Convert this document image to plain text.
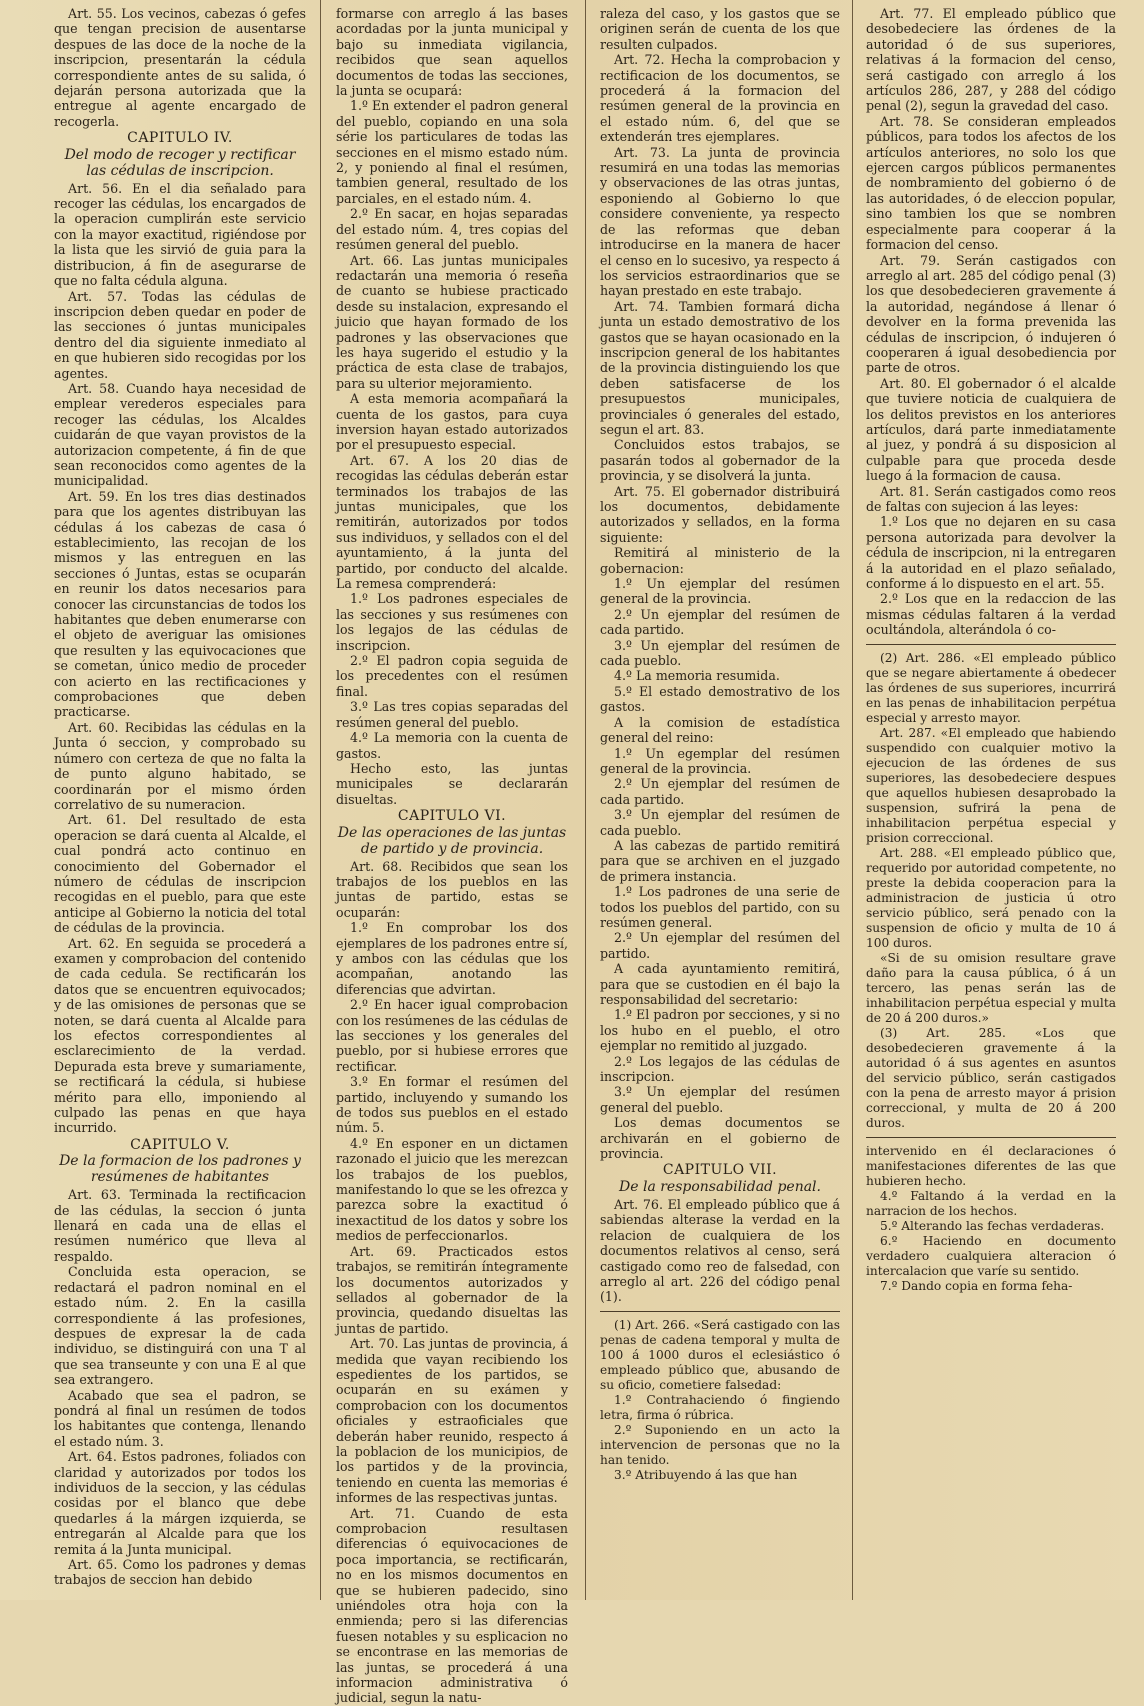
Art. 55. Los vecinos, cabezas ó gefes que tengan precision de ausentarse despues de las doce de la noche de la inscripcion, presentarán la cédula correspondiente antes de su salida, ó dejarán persona autorizada que la entregue al agente encargado de recogerla.

CAPITULO IV.
Del modo de recoger y rectificar las cédulas de inscripcion.

Art. 56. En el dia señalado para recoger las cédulas, los encargados de la operacion cumplirán este servicio con la mayor exactitud, rigiéndose por la lista que les sirvió de guia para la distribucion, á fin de asegurarse de que no falta cédula alguna.

Art. 57. Todas las cédulas de inscripcion deben quedar en poder de las secciones ó juntas municipales dentro del dia siguiente inmediato al en que hubieren sido recogidas por los agentes.

Art. 58. Cuando haya necesidad de emplear verederos especiales para recoger las cédulas, los Alcaldes cuidarán de que vayan provistos de la autorizacion competente, á fin de que sean reconocidos como agentes de la municipalidad.

Art. 59. En los tres dias destinados para que los agentes distribuyan las cédulas á los cabezas de casa ó establecimiento, las recojan de los mismos y las entreguen en las secciones ó Juntas, estas se ocuparán en reunir los datos necesarios para conocer las circunstancias de todos los habitantes que deben enumerarse con el objeto de averiguar las omisiones que resulten y las equivocaciones que se cometan, único medio de proceder con acierto en las rectificaciones y comprobaciones que deben practicarse.

Art. 60. Recibidas las cédulas en la Junta ó seccion, y comprobado su número con certeza de que no falta la de punto alguno habitado, se coordinarán por el mismo órden correlativo de su numeracion.

Art. 61. Del resultado de esta operacion se dará cuenta al Alcalde, el cual pondrá acto continuo en conocimiento del Gobernador el número de cédulas de inscripcion recogidas en el pueblo, para que este anticipe al Gobierno la noticia del total de cédulas de la provincia.

Art. 62. En seguida se procederá a examen y comprobacion del contenido de cada cedula. Se rectificarán los datos que se encuentren equivocados; y de las omisiones de personas que se noten, se dará cuenta al Alcalde para los efectos correspondientes al esclarecimiento de la verdad. Depurada esta breve y sumariamente, se rectificará la cédula, si hubiese mérito para ello, imponiendo al culpado las penas en que haya incurrido.

CAPITULO V.
De la formacion de los padrones y resúmenes de habitantes

Art. 63. Terminada la rectificacion de las cédulas, la seccion ó junta llenará en cada una de ellas el resúmen numérico que lleva al respaldo.

Concluida esta operacion, se redactará el padron nominal en el estado núm. 2. En la casilla correspondiente á las profesiones, despues de expresar la de cada individuo, se distinguirá con una T al que sea transeunte y con una E al que sea extrangero.

Acabado que sea el padron, se pondrá al final un resúmen de todos los habitantes que contenga, llenando el estado núm. 3.

Art. 64. Estos padrones, foliados con claridad y autorizados por todos los individuos de la seccion, y las cédulas cosidas por el blanco que debe quedarles á la márgen izquierda, se entregarán al Alcalde para que los remita á la Junta municipal.

Art. 65. Como los padrones y demas trabajos de seccion han debido

formarse con arreglo á las bases acordadas por la junta municipal y bajo su inmediata vigilancia, recibidos que sean aquellos documentos de todas las secciones, la junta se ocupará:

1.º En extender el padron general del pueblo, copiando en una sola série los particulares de todas las secciones en el mismo estado núm. 2, y poniendo al final el resúmen, tambien general, resultado de los parciales, en el estado núm. 4.

2.º En sacar, en hojas separadas del estado núm. 4, tres copias del resúmen general del pueblo.

Art. 66. Las juntas municipales redactarán una memoria ó reseña de cuanto se hubiese practicado desde su instalacion, expresando el juicio que hayan formado de los padrones y las observaciones que les haya sugerido el estudio y la práctica de esta clase de trabajos, para su ulterior mejoramiento.

A esta memoria acompañará la cuenta de los gastos, para cuya inversion hayan estado autorizados por el presupuesto especial.

Art. 67. A los 20 dias de recogidas las cédulas deberán estar terminados los trabajos de las juntas municipales, que los remitirán, autorizados por todos sus individuos, y sellados con el del ayuntamiento, á la junta del partido, por conducto del alcalde. La remesa comprenderá:

1.º Los padrones especiales de las secciones y sus resúmenes con los legajos de las cédulas de inscripcion.

2.º El padron copia seguida de los precedentes con el resúmen final.

3.º Las tres copias separadas del resúmen general del pueblo.

4.º La memoria con la cuenta de gastos.

Hecho esto, las juntas municipales se declararán disueltas.

CAPITULO VI.
De las operaciones de las juntas de partido y de provincia.

Art. 68. Recibidos que sean los trabajos de los pueblos en las juntas de partido, estas se ocuparán:

1.º En comprobar los dos ejemplares de los padrones entre sí, y ambos con las cédulas que los acompañan, anotando las diferencias que advirtan.

2.º En hacer igual comprobacion con los resúmenes de las cédulas de las secciones y los generales del pueblo, por si hubiese errores que rectificar.

3.º En formar el resúmen del partido, incluyendo y sumando los de todos sus pueblos en el estado núm. 5.

4.º En esponer en un dictamen razonado el juicio que les merezcan los trabajos de los pueblos, manifestando lo que se les ofrezca y parezca sobre la exactitud ó inexactitud de los datos y sobre los medios de perfeccionarlos.

Art. 69. Practicados estos trabajos, se remitirán íntegramente los documentos autorizados y sellados al gobernador de la provincia, quedando disueltas las juntas de partido.

Art. 70. Las juntas de provincia, á medida que vayan recibiendo los espedientes de los partidos, se ocuparán en su exámen y comprobacion con los documentos oficiales y estraoficiales que deberán haber reunido, respecto á la poblacion de los municipios, de los partidos y de la provincia, teniendo en cuenta las memorias é informes de las respectivas juntas.

Art. 71. Cuando de esta comprobacion resultasen diferencias ó equivocaciones de poca importancia, se rectificarán, no en los mismos documentos en que se hubieren padecido, sino uniéndoles otra hoja con la enmienda; pero si las diferencias fuesen notables y su esplicacion no se encontrase en las memorias de las juntas, se procederá á una informacion administrativa ó judicial, segun la natu-

raleza del caso, y los gastos que se originen serán de cuenta de los que resulten culpados.

Art. 72. Hecha la comprobacion y rectificacion de los documentos, se procederá á la formacion del resúmen general de la provincia en el estado núm. 6, del que se extenderán tres ejemplares.

Art. 73. La junta de provincia resumirá en una todas las memorias y observaciones de las otras juntas, esponiendo al Gobierno lo que considere conveniente, ya respecto de las reformas que deban introducirse en la manera de hacer el censo en lo sucesivo, ya respecto á los servicios estraordinarios que se hayan prestado en este trabajo.

Art. 74. Tambien formará dicha junta un estado demostrativo de los gastos que se hayan ocasionado en la inscripcion general de los habitantes de la provincia distinguiendo los que deben satisfacerse de los presupuestos municipales, provinciales ó generales del estado, segun el art. 83.

Concluidos estos trabajos, se pasarán todos al gobernador de la provincia, y se disolverá la junta.

Art. 75. El gobernador distribuirá los documentos, debidamente autorizados y sellados, en la forma siguiente:

Remitirá al ministerio de la gobernacion:

1.º Un ejemplar del resúmen general de la provincia.

2.º Un ejemplar del resúmen de cada partido.

3.º Un ejemplar del resúmen de cada pueblo.

4.º La memoria resumida.

5.º El estado demostrativo de los gastos.

A la comision de estadística general del reino:

1.º Un egemplar del resúmen general de la provincia.

2.º Un ejemplar del resúmen de cada partido.

3.º Un ejemplar del resúmen de cada pueblo.

A las cabezas de partido remitirá para que se archiven en el juzgado de primera instancia.

1.º Los padrones de una serie de todos los pueblos del partido, con su resúmen general.

2.º Un ejemplar del resúmen del partido.

A cada ayuntamiento remitirá, para que se custodien en él bajo la responsabilidad del secretario:

1.º El padron por secciones, y si no los hubo en el pueblo, el otro ejemplar no remitido al juzgado.

2.º Los legajos de las cédulas de inscripcion.

3.º Un ejemplar del resúmen general del pueblo.

Los demas documentos se archivarán en el gobierno de provincia.

CAPITULO VII.
De la responsabilidad penal.

Art. 76. El empleado público que á sabiendas alterase la verdad en la relacion de cualquiera de los documentos relativos al censo, será castigado como reo de falsedad, con arreglo al art. 226 del código penal (1).

(1) Art. 266. «Será castigado con las penas de cadena temporal y multa de 100 á 1000 duros el eclesiástico ó empleado público que, abusando de su oficio, cometiere falsedad:

1.º Contrahaciendo ó fingiendo letra, firma ó rúbrica.

2.º Suponiendo en un acto la intervencion de personas que no la han tenido.

3.º Atribuyendo á las que han

Art. 77. El empleado público que desobedeciere las órdenes de la autoridad ó de sus superiores, relativas á la formacion del censo, será castigado con arreglo á los artículos 286, 287, y 288 del código penal (2), segun la gravedad del caso.

Art. 78. Se consideran empleados públicos, para todos los afectos de los artículos anteriores, no solo los que ejercen cargos públicos permanentes de nombramiento del gobierno ó de las autoridades, ó de eleccion popular, sino tambien los que se nombren especialmente para cooperar á la formacion del censo.

Art. 79. Serán castigados con arreglo al art. 285 del código penal (3) los que desobedecieren gravemente á la autoridad, negándose á llenar ó devolver en la forma prevenida las cédulas de inscripcion, ó indujeren ó cooperaren á igual desobediencia por parte de otros.

Art. 80. El gobernador ó el alcalde que tuviere noticia de cualquiera de los delitos previstos en los anteriores artículos, dará parte inmediatamente al juez, y pondrá á su disposicion al culpable para que proceda desde luego á la formacion de causa.

Art. 81. Serán castigados como reos de faltas con sujecion á las leyes:

1.º Los que no dejaren en su casa persona autorizada para devolver la cédula de inscripcion, ni la entregaren á la autoridad en el plazo señalado, conforme á lo dispuesto en el art. 55.

2.º Los que en la redaccion de las mismas cédulas faltaren á la verdad ocultándola, alterándola ó co-

(2) Art. 286. «El empleado público que se negare abiertamente á obedecer las órdenes de sus superiores, incurrirá en las penas de inhabilitacion perpétua especial y arresto mayor.

Art. 287. «El empleado que habiendo suspendido con cualquier motivo la ejecucion de las órdenes de sus superiores, las desobedeciere despues que aquellos hubiesen desaprobado la suspension, sufrirá la pena de inhabilitacion perpétua especial y prision correccional.

Art. 288. «El empleado público que, requerido por autoridad competente, no preste la debida cooperacion para la administracion de justicia ú otro servicio público, será penado con la suspension de oficio y multa de 10 á 100 duros.

«Si de su omision resultare grave daño para la causa pública, ó á un tercero, las penas serán las de inhabilitacion perpétua especial y multa de 20 á 200 duros.»

(3) Art. 285. «Los que desobedecieren gravemente á la autoridad ó á sus agentes en asuntos del servicio público, serán castigados con la pena de arresto mayor á prision correccional, y multa de 20 á 200 duros.

intervenido en él declaraciones ó manifestaciones diferentes de las que hubieren hecho.

4.º Faltando á la verdad en la narracion de los hechos.

5.º Alterando las fechas verdaderas.

6.º Haciendo en documento verdadero cualquiera alteracion ó intercalacion que varíe su sentido.

7.º Dando copia en forma feha-
